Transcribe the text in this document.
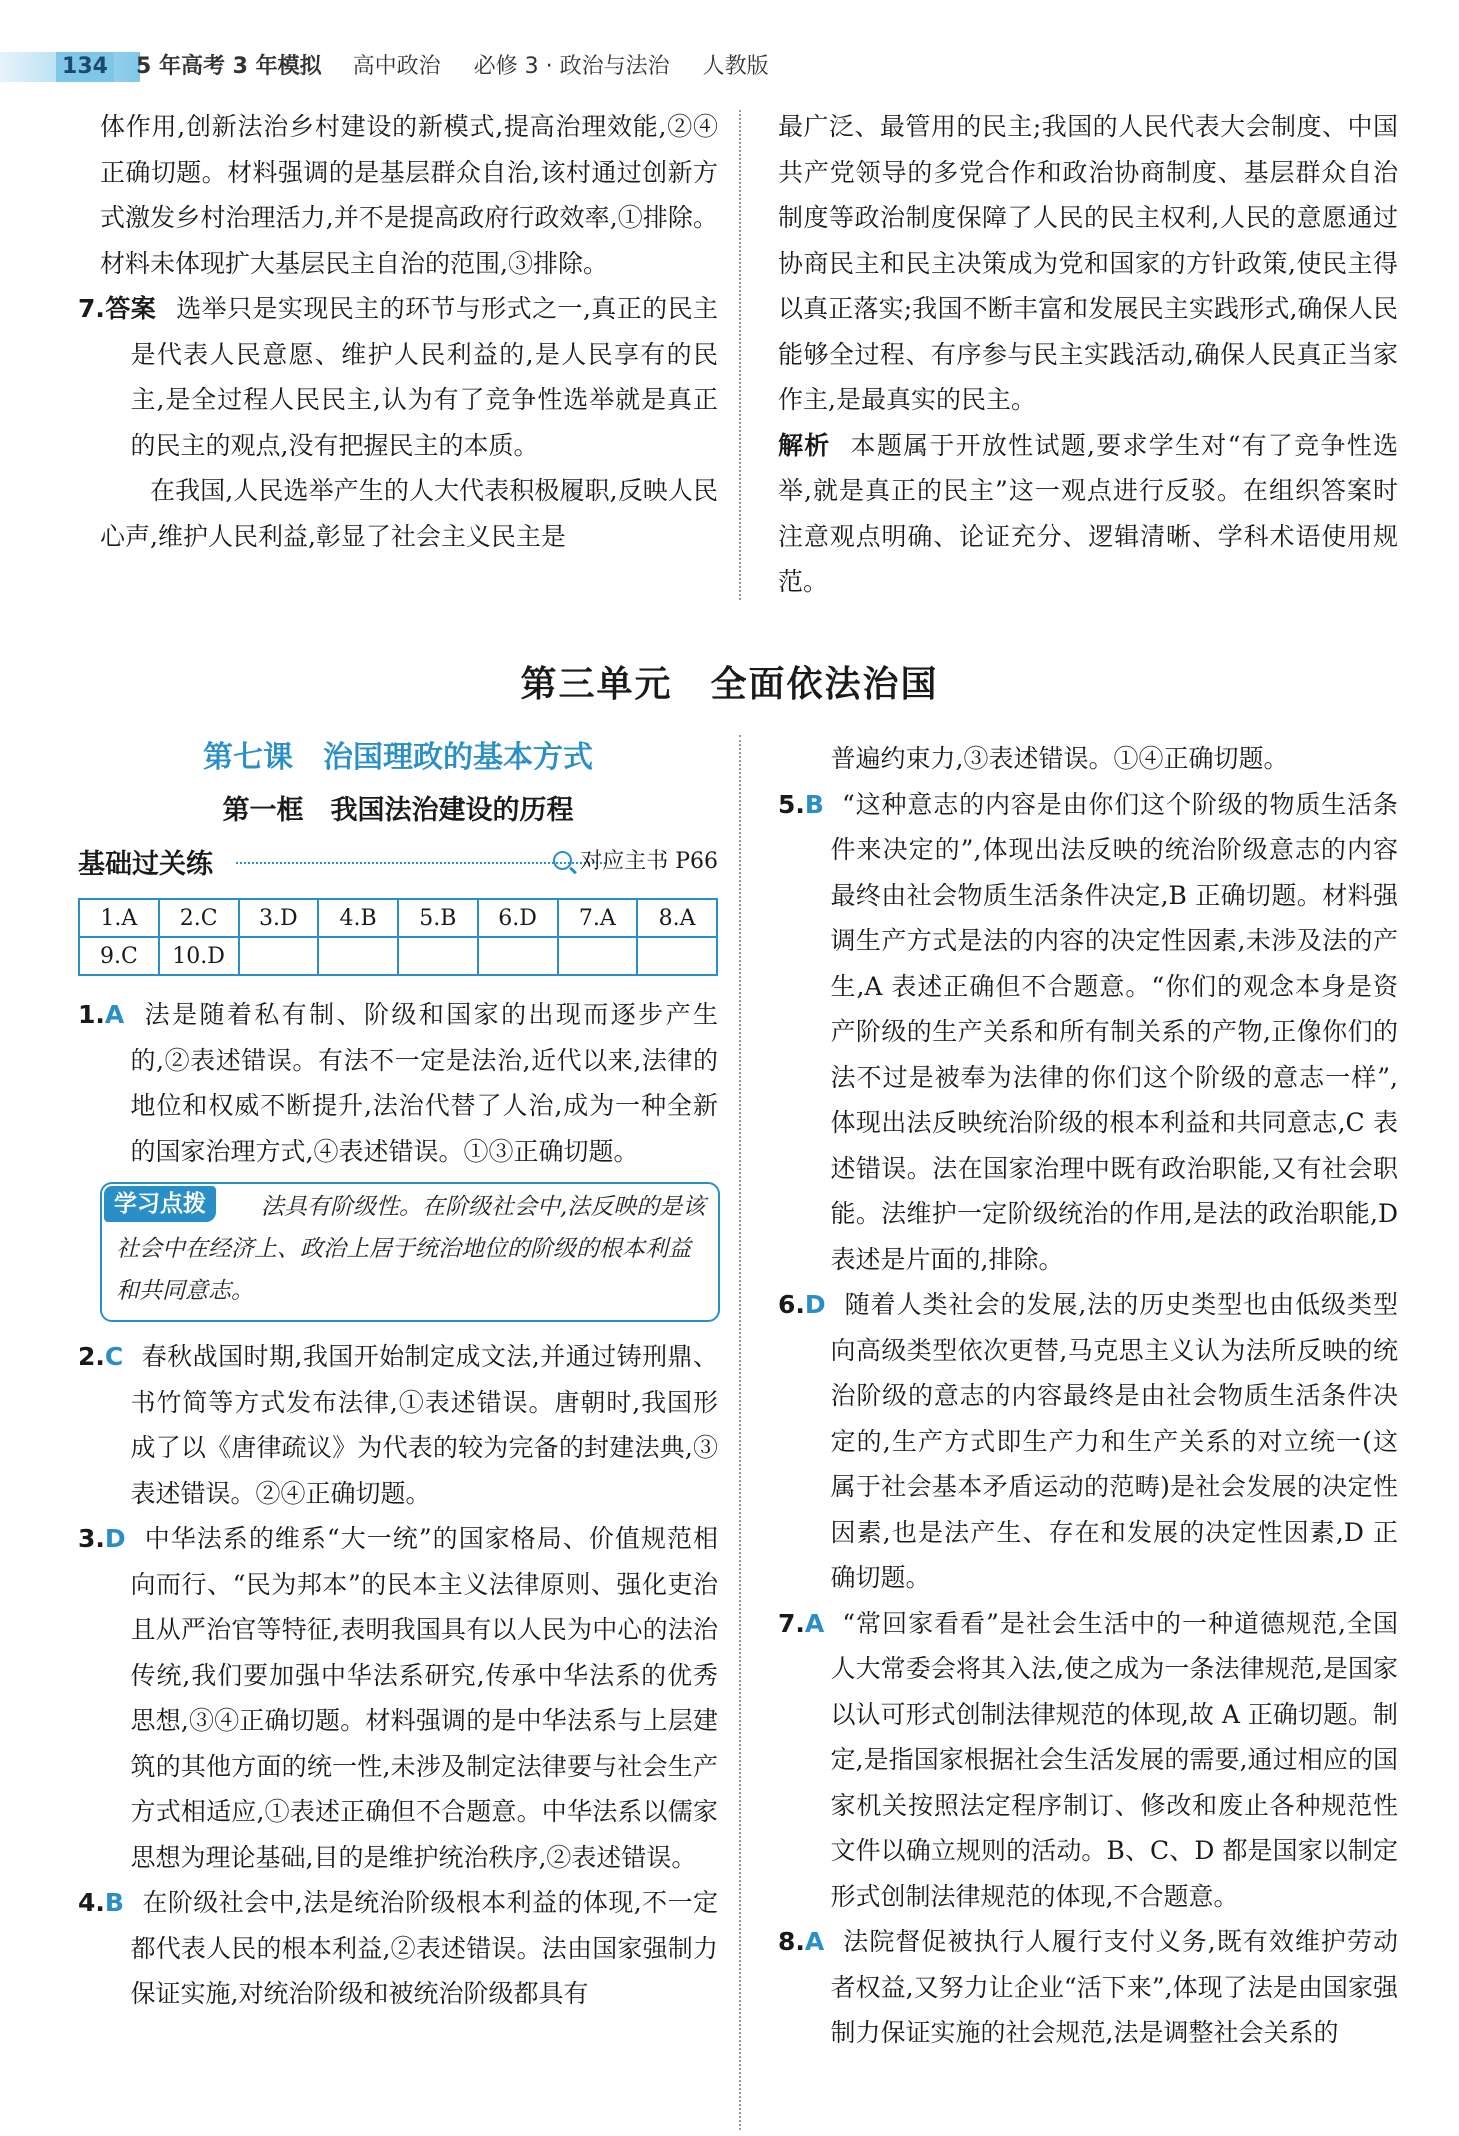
134 5 年高考 3 年模拟 高中政治 必修 3 · 政治与法治 人教版

体作用,创新法治乡村建设的新模式,提高治理效能,②④正确切题。材料强调的是基层群众自治,该村通过创新方式激发乡村治理活力,并不是提高政府行政效率,①排除。材料未体现扩大基层民主自治的范围,③排除。

7.答案 选举只是实现民主的环节与形式之一,真正的民主是代表人民意愿、维护人民利益的,是人民享有的民主,是全过程人民民主,认为有了竞争性选举就是真正的民主的观点,没有把握民主的本质。

在我国,人民选举产生的人大代表积极履职,反映人民心声,维护人民利益,彰显了社会主义民主是

最广泛、最管用的民主;我国的人民代表大会制度、中国共产党领导的多党合作和政治协商制度、基层群众自治制度等政治制度保障了人民的民主权利,人民的意愿通过协商民主和民主决策成为党和国家的方针政策,使民主得以真正落实;我国不断丰富和发展民主实践形式,确保人民能够全过程、有序参与民主实践活动,确保人民真正当家作主,是最真实的民主。

解析 本题属于开放性试题,要求学生对“有了竞争性选举,就是真正的民主”这一观点进行反驳。在组织答案时注意观点明确、论证充分、逻辑清晰、学科术语使用规范。

第三单元　全面依法治国
第七课　治国理政的基本方式
第一框　我国法治建设的历程
基础过关练	对应主书 P66
1.A	2.C	3.D	4.B	5.B	6.D	7.A	8.A
9.C	10.D						

1.A 法是随着私有制、阶级和国家的出现而逐步产生的,②表述错误。有法不一定是法治,近代以来,法律的地位和权威不断提升,法治代替了人治,成为一种全新的国家治理方式,④表述错误。①③正确切题。

法具有阶级性。在阶级社会中,法反映的是该社会中在经济上、政治上居于统治地位的阶级的根本利益和共同意志。
学习点拨

2.C 春秋战国时期,我国开始制定成文法,并通过铸刑鼎、书竹简等方式发布法律,①表述错误。唐朝时,我国形成了以《唐律疏议》为代表的较为完备的封建法典,③表述错误。②④正确切题。

3.D 中华法系的维系“大一统”的国家格局、价值规范相向而行、“民为邦本”的民本主义法律原则、强化吏治且从严治官等特征,表明我国具有以人民为中心的法治传统,我们要加强中华法系研究,传承中华法系的优秀思想,③④正确切题。材料强调的是中华法系与上层建筑的其他方面的统一性,未涉及制定法律要与社会生产方式相适应,①表述正确但不合题意。中华法系以儒家思想为理论基础,目的是维护统治秩序,②表述错误。

4.B 在阶级社会中,法是统治阶级根本利益的体现,不一定都代表人民的根本利益,②表述错误。法由国家强制力保证实施,对统治阶级和被统治阶级都具有

普遍约束力,③表述错误。①④正确切题。

5.B “这种意志的内容是由你们这个阶级的物质生活条件来决定的”,体现出法反映的统治阶级意志的内容最终由社会物质生活条件决定,B 正确切题。材料强调生产方式是法的内容的决定性因素,未涉及法的产生,A 表述正确但不合题意。“你们的观念本身是资产阶级的生产关系和所有制关系的产物,正像你们的法不过是被奉为法律的你们这个阶级的意志一样”,体现出法反映统治阶级的根本利益和共同意志,C 表述错误。法在国家治理中既有政治职能,又有社会职能。法维护一定阶级统治的作用,是法的政治职能,D 表述是片面的,排除。

6.D 随着人类社会的发展,法的历史类型也由低级类型向高级类型依次更替,马克思主义认为法所反映的统治阶级的意志的内容最终是由社会物质生活条件决定的,生产方式即生产力和生产关系的对立统一(这属于社会基本矛盾运动的范畴)是社会发展的决定性因素,也是法产生、存在和发展的决定性因素,D 正确切题。

7.A “常回家看看”是社会生活中的一种道德规范,全国人大常委会将其入法,使之成为一条法律规范,是国家以认可形式创制法律规范的体现,故 A 正确切题。制定,是指国家根据社会生活发展的需要,通过相应的国家机关按照法定程序制订、修改和废止各种规范性文件以确立规则的活动。B、C、D 都是国家以制定形式创制法律规范的体现,不合题意。

8.A 法院督促被执行人履行支付义务,既有效维护劳动者权益,又努力让企业“活下来”,体现了法是由国家强制力保证实施的社会规范,法是调整社会关系的
